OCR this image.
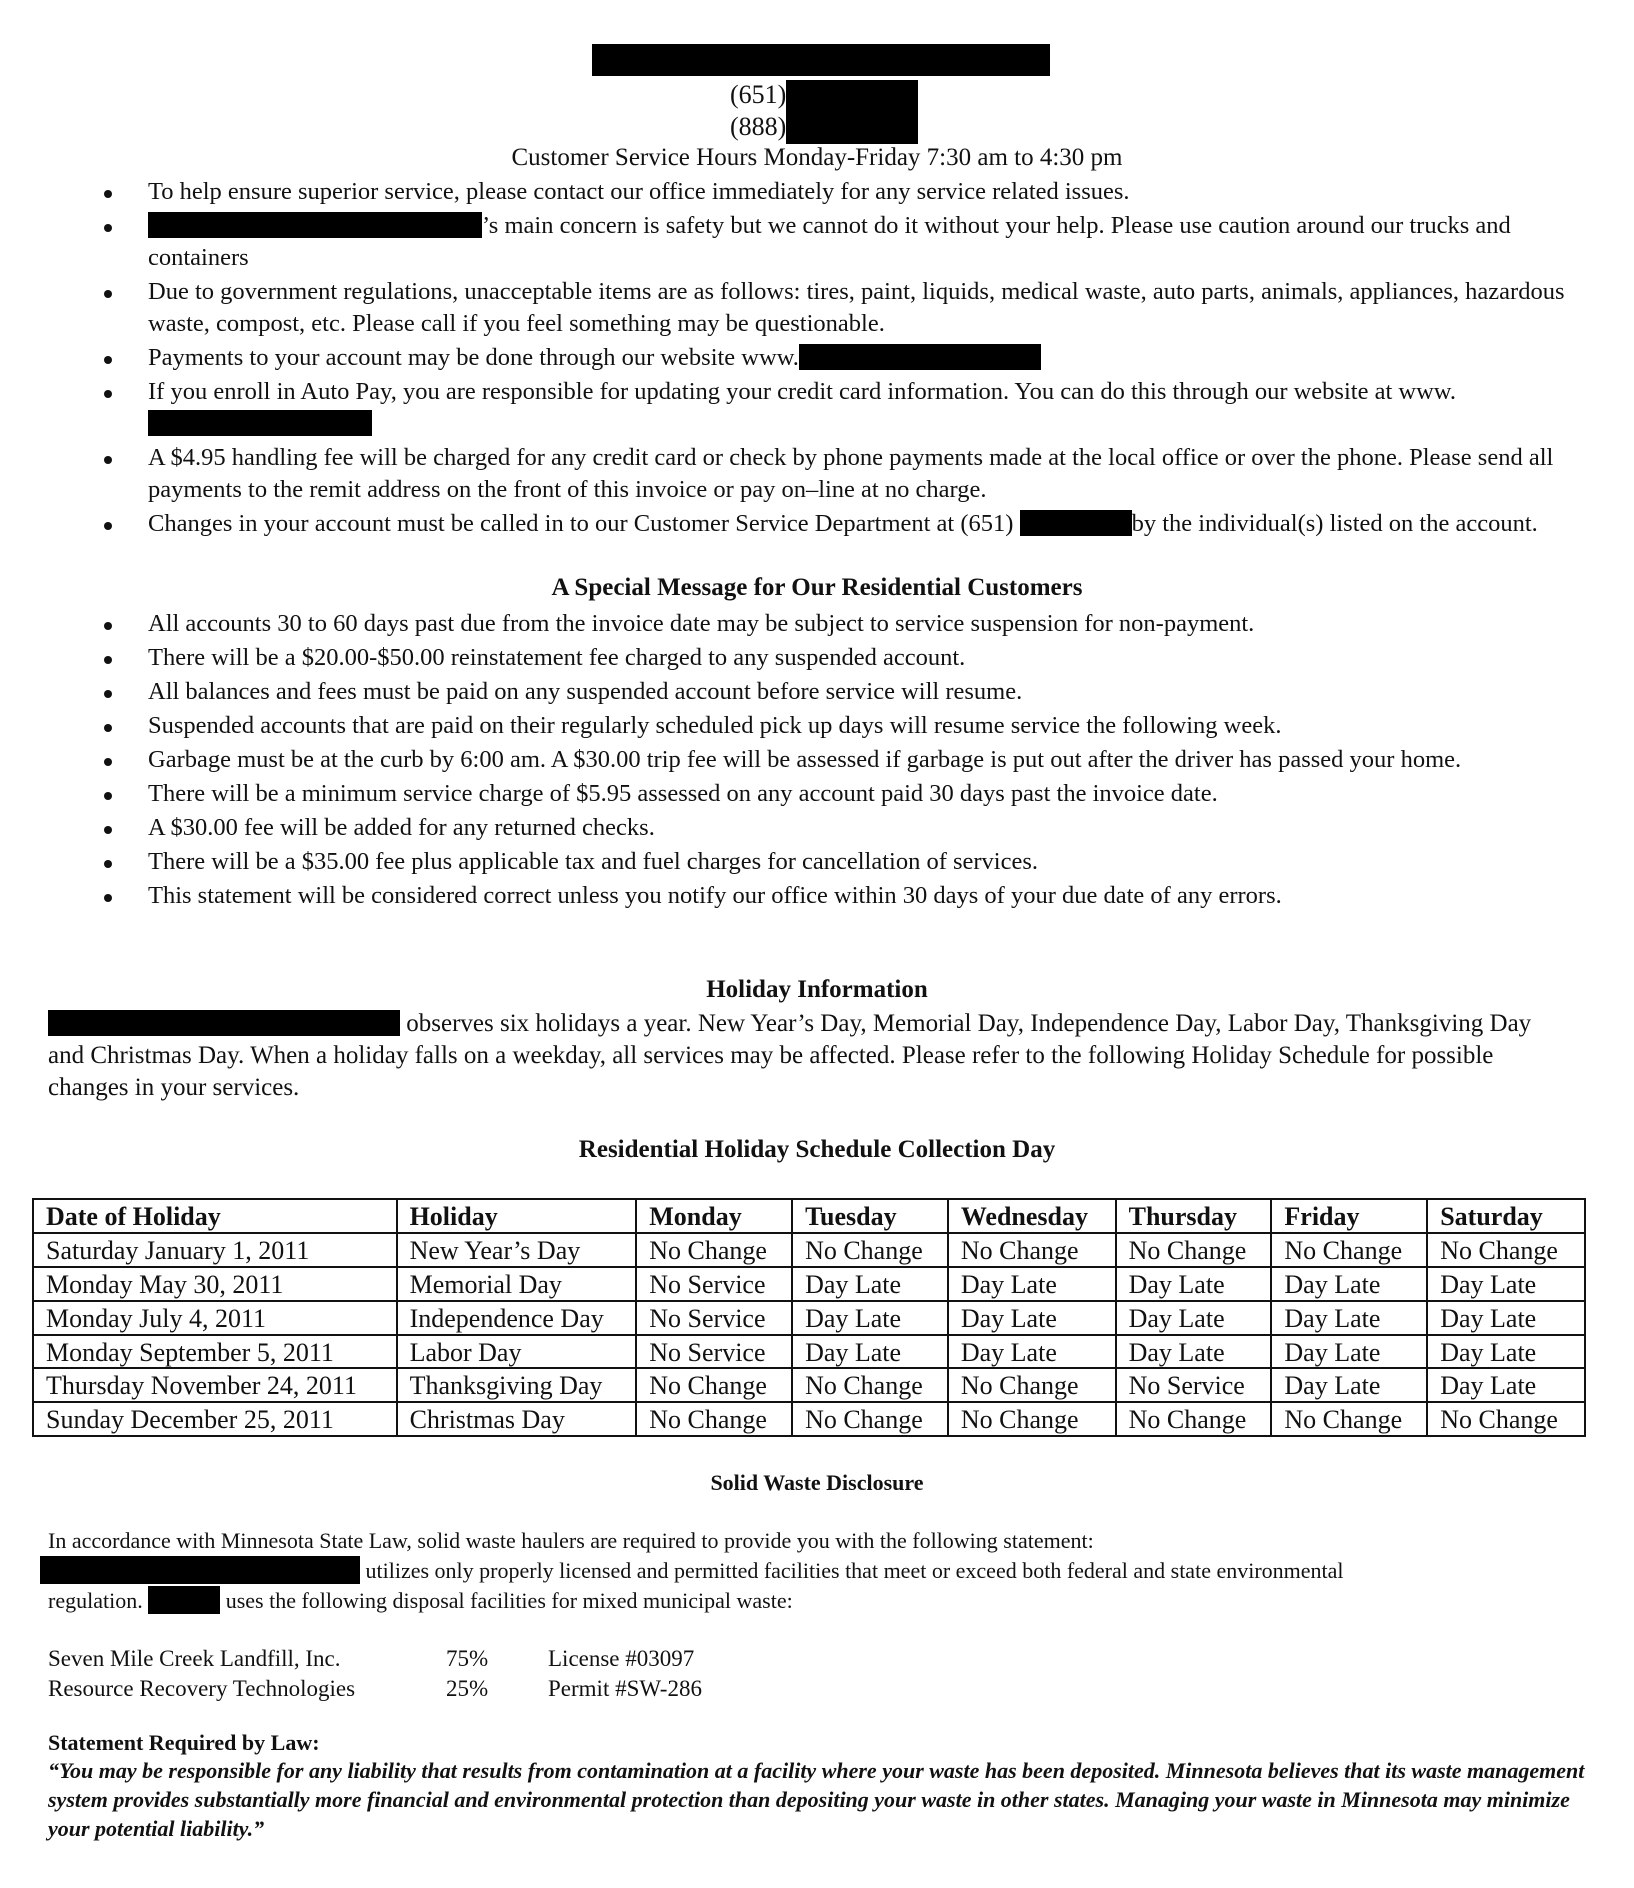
(651)
(888)
Customer Service Hours Monday-Friday 7:30 am to 4:30 pm
To help ensure superior service, please contact our office immediately for any service related issues.
’s main concern is safety but we cannot do it without your help. Please use caution around our trucks and containers
Due to government regulations, unacceptable items are as follows: tires, paint, liquids, medical waste, auto parts, animals, appliances, hazardous waste, compost, etc. Please call if you feel something may be questionable.
Payments to your account may be done through our website www.
If you enroll in Auto Pay, you are responsible for updating your credit card information. You can do this through our website at www.
A $4.95 handling fee will be charged for any credit card or check by phone payments made at the local office or over the phone. Please send all payments to the remit address on the front of this invoice or pay on–line at no charge.
Changes in your account must be called in to our Customer Service Department at (651)	by the individual(s) listed on the account.
A Special Message for Our Residential Customers
All accounts 30 to 60 days past due from the invoice date may be subject to service suspension for non-payment.
There will be a $20.00-$50.00 reinstatement fee charged to any suspended account.
All balances and fees must be paid on any suspended account before service will resume.
Suspended accounts that are paid on their regularly scheduled pick up days will resume service the following week.
Garbage must be at the curb by 6:00 am. A $30.00 trip fee will be assessed if garbage is put out after the driver has passed your home.
There will be a minimum service charge of $5.95 assessed on any account paid 30 days past the invoice date.
A $30.00 fee will be added for any returned checks.
There will be a $35.00 fee plus applicable tax and fuel charges for cancellation of services.
This statement will be considered correct unless you notify our office within 30 days of your due date of any errors.
Holiday Information
observes six holidays a year. New Year’s Day, Memorial Day, Independence Day, Labor Day, Thanksgiving Day and Christmas Day. When a holiday falls on a weekday, all services may be affected. Please refer to the following Holiday Schedule for possible changes in your services.
Residential Holiday Schedule Collection Day
Date of Holiday	Holiday	Monday	Tuesday	Wednesday	Thursday	Friday	Saturday
Saturday January 1, 2011	New Year’s Day	No Change	No Change	No Change	No Change	No Change	No Change
Monday May 30, 2011	Memorial Day	No Service	Day Late	Day Late	Day Late	Day Late	Day Late
Monday July 4, 2011	Independence Day	No Service	Day Late	Day Late	Day Late	Day Late	Day Late
Monday September 5, 2011	Labor Day	No Service	Day Late	Day Late	Day Late	Day Late	Day Late
Thursday November 24, 2011	Thanksgiving Day	No Change	No Change	No Change	No Service	Day Late	Day Late
Sunday December 25, 2011	Christmas Day	No Change	No Change	No Change	No Change	No Change	No Change
Solid Waste Disclosure
In accordance with Minnesota State Law, solid waste haulers are required to provide you with the following statement:
utilizes only properly licensed and permitted facilities that meet or exceed both federal and state environmental
regulation.	uses the following disposal facilities for mixed municipal waste:
Seven Mile Creek Landfill, Inc.	75%	License #03097
Resource Recovery Technologies	25%	Permit #SW-286
Statement Required by Law:
“You may be responsible for any liability that results from contamination at a facility where your waste has been deposited. Minnesota believes that its waste management system provides substantially more financial and environmental protection than depositing your waste in other states. Managing your waste in Minnesota may minimize your potential liability.”
